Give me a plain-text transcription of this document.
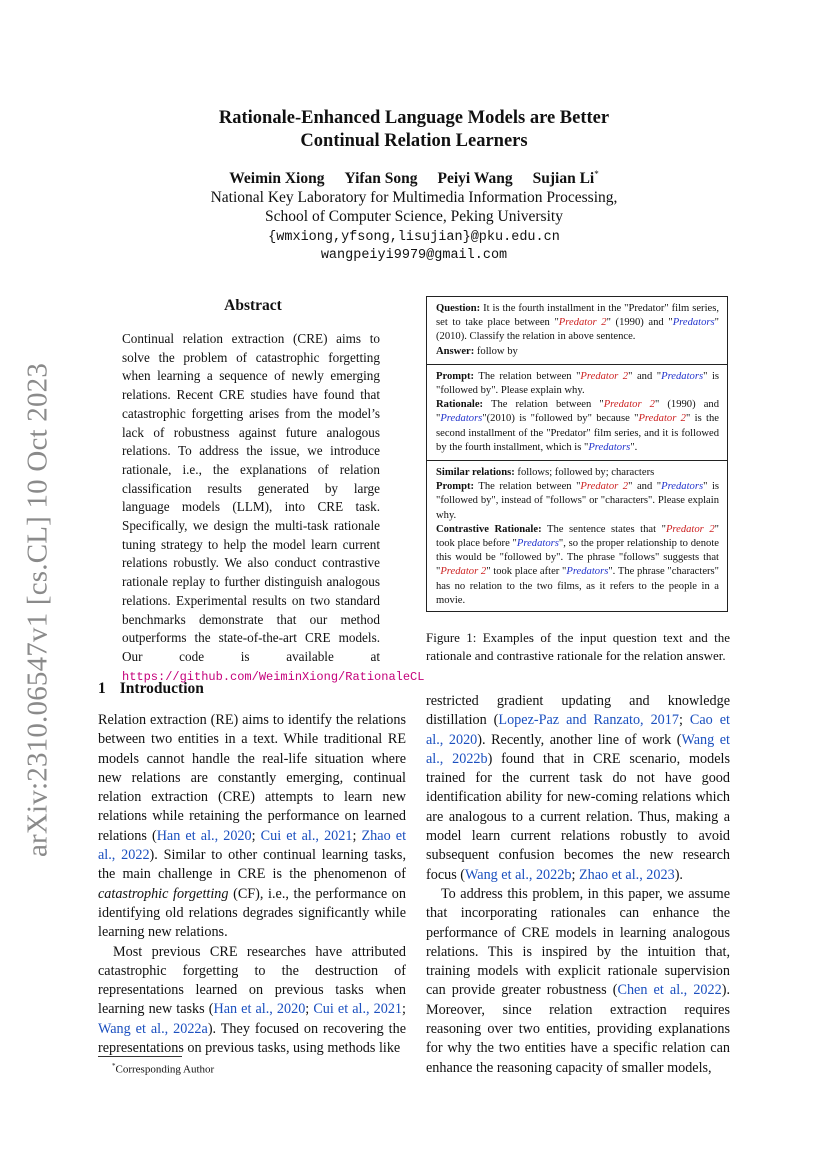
arXiv:2310.06547v1 [cs.CL] 10 Oct 2023
Rationale-Enhanced Language Models are Better
Continual Relation Learners
Weimin Xiong Yifan Song Peiyi Wang Sujian Li*
National Key Laboratory for Multimedia Information Processing,
School of Computer Science, Peking University
{wmxiong,yfsong,lisujian}@pku.edu.cn
wangpeiyi9979@gmail.com
Abstract

Continual relation extraction (CRE) aims to solve the problem of catastrophic forgetting when learning a sequence of newly emerging relations. Recent CRE studies have found that catastrophic forgetting arises from the model’s lack of robustness against future analogous relations. To address the issue, we introduce rationale, i.e., the explanations of relation classification results generated by large language models (LLM), into CRE task. Specifically, we design the multi-task rationale tuning strategy to help the model learn current relations robustly. We also conduct contrastive rationale replay to further distinguish analogous relations. Experimental results on two standard benchmarks demonstrate that our method outperforms the state-of-the-art CRE models. Our code is available at https://github.com/WeiminXiong/RationaleCL

Question: It is the fourth installment in the "Predator" film series, set to take place between "Predator 2" (1990) and "Predators" (2010). Classify the relation in above sentence.

Answer: follow by

Prompt: The relation between "Predator 2" and "Predators" is "followed by". Please explain why.

Rationale: The relation between "Predator 2" (1990) and "Predators"(2010) is "followed by" because "Predator 2" is the second installment of the "Predator" film series, and it is followed by the fourth installment, which is "Predators".

Similar relations: follows; followed by; characters

Prompt: The relation between "Predator 2" and "Predators" is "followed by", instead of "follows" or "characters". Please explain why.

Contrastive Rationale: The sentence states that "Predator 2" took place before "Predators", so the proper relationship to denote this would be "followed by". The phrase "follows" suggests that "Predator 2" took place after "Predators". The phrase "characters" has no relation to the two films, as it refers to the people in a movie.

Figure 1: Examples of the input question text and the rationale and contrastive rationale for the relation answer.
1 Introduction

Relation extraction (RE) aims to identify the relations between two entities in a text. While traditional RE models cannot handle the real-life situation where new relations are constantly emerging, continual relation extraction (CRE) attempts to learn new relations while retaining the performance on learned relations (Han et al., 2020; Cui et al., 2021; Zhao et al., 2022). Similar to other continual learning tasks, the main challenge in CRE is the phenomenon of catastrophic forgetting (CF), i.e., the performance on identifying old relations degrades significantly while learning new relations.

Most previous CRE researches have attributed catastrophic forgetting to the destruction of representations learned on previous tasks when learning new tasks (Han et al., 2020; Cui et al., 2021; Wang et al., 2022a). They focused on recovering the representations on previous tasks, using methods like

restricted gradient updating and knowledge distillation (Lopez-Paz and Ranzato, 2017; Cao et al., 2020). Recently, another line of work (Wang et al., 2022b) found that in CRE scenario, models trained for the current task do not have good identification ability for new-coming relations which are analogous to a current relation. Thus, making a model learn current relations robustly to avoid subsequent confusion becomes the new research focus (Wang et al., 2022b; Zhao et al., 2023).

To address this problem, in this paper, we assume that incorporating rationales can enhance the performance of CRE models in learning analogous relations. This is inspired by the intuition that, training models with explicit rationale supervision can provide greater robustness (Chen et al., 2022). Moreover, since relation extraction requires reasoning over two entities, providing explanations for why the two entities have a specific relation can enhance the reasoning capacity of smaller models,

*Corresponding Author
